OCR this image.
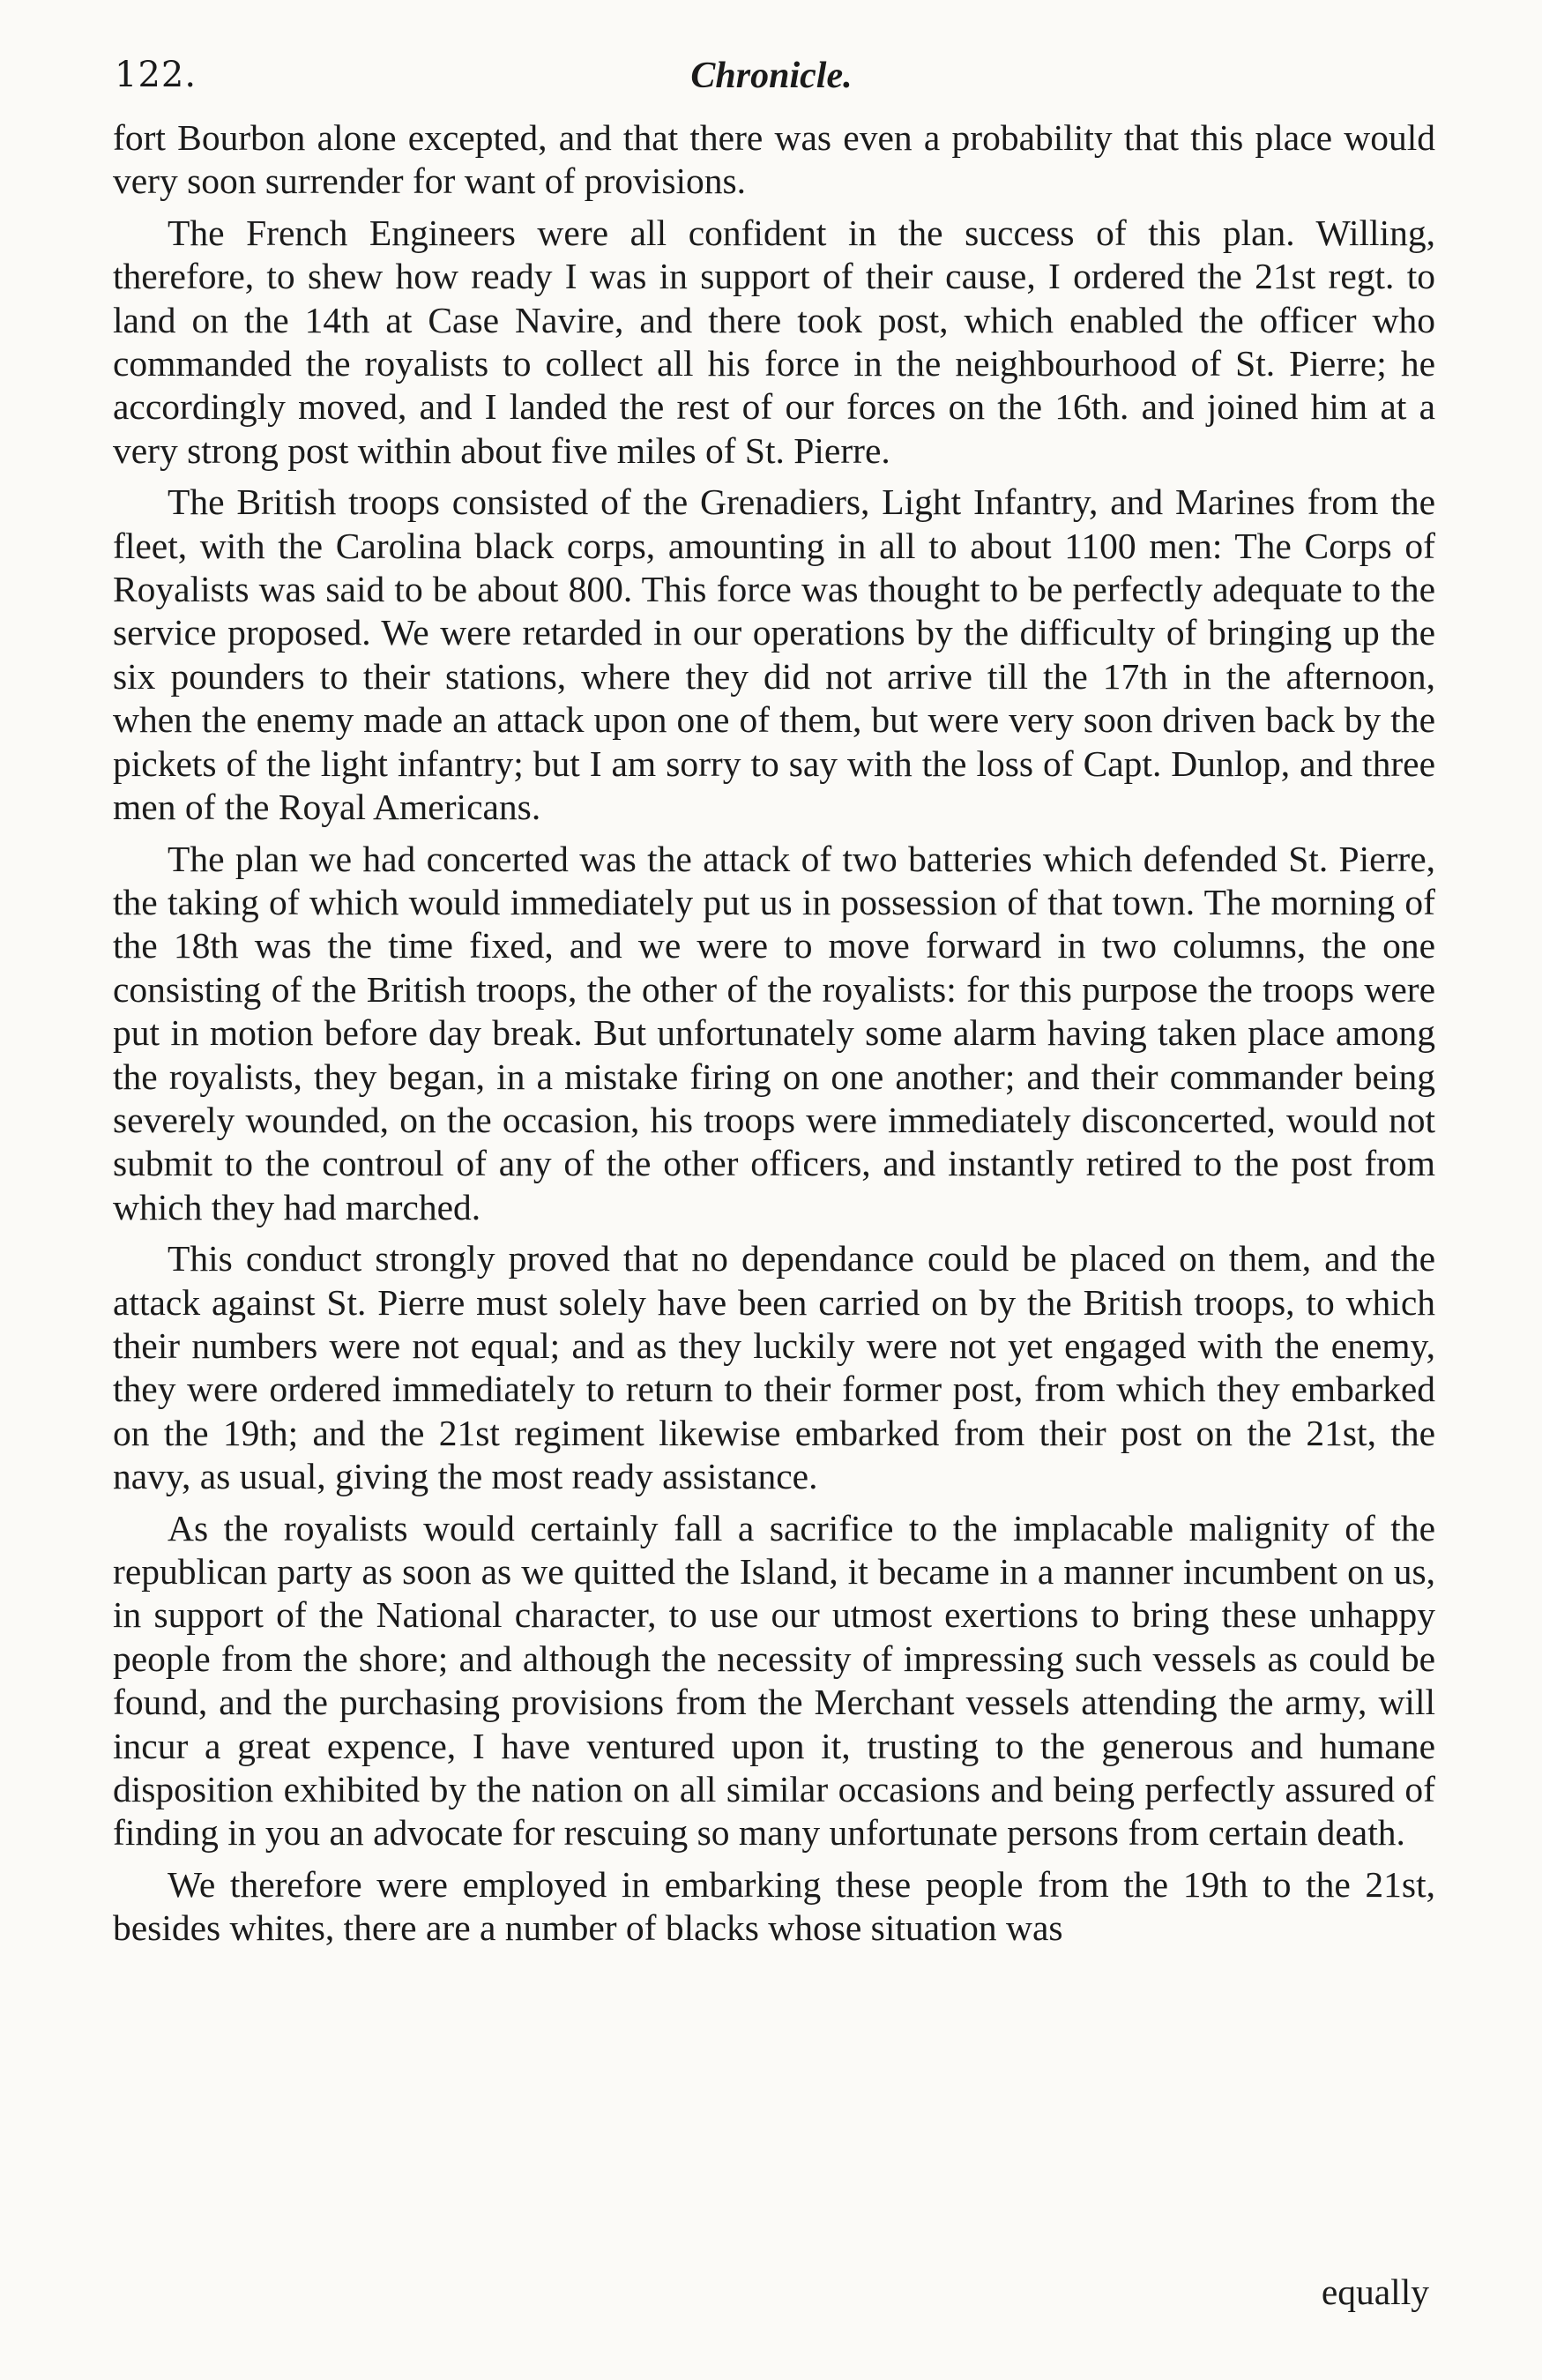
122.	Chronicle.

fort Bourbon alone excepted, and that there was even a probability that this place would very soon surrender for want of provisions.

The French Engineers were all confident in the success of this plan. Willing, therefore, to shew how ready I was in support of their cause, I ordered the 21st regt. to land on the 14th at Case Navire, and there took post, which enabled the officer who commanded the royalists to collect all his force in the neighbourhood of St. Pierre; he accordingly moved, and I landed the rest of our forces on the 16th. and joined him at a very strong post within about five miles of St. Pierre.

The British troops consisted of the Grenadiers, Light Infantry, and Marines from the fleet, with the Carolina black corps, amounting in all to about 1100 men: The Corps of Royalists was said to be about 800. This force was thought to be perfectly adequate to the service proposed. We were retarded in our operations by the difficulty of bringing up the six pounders to their stations, where they did not arrive till the 17th in the afternoon, when the enemy made an attack upon one of them, but were very soon driven back by the pickets of the light infantry; but I am sorry to say with the loss of Capt. Dunlop, and three men of the Royal Americans.

The plan we had concerted was the attack of two batteries which defended St. Pierre, the taking of which would immediately put us in possession of that town. The morning of the 18th was the time fixed, and we were to move forward in two columns, the one consisting of the British troops, the other of the royalists: for this purpose the troops were put in motion before day break. But unfortunately some alarm having taken place among the royalists, they began, in a mistake firing on one another; and their commander being severely wounded, on the occasion, his troops were immediately disconcerted, would not submit to the controul of any of the other officers, and instantly retired to the post from which they had marched.

This conduct strongly proved that no dependance could be placed on them, and the attack against St. Pierre must solely have been carried on by the British troops, to which their numbers were not equal; and as they luckily were not yet engaged with the enemy, they were ordered immediately to return to their former post, from which they embarked on the 19th; and the 21st regiment likewise embarked from their post on the 21st, the navy, as usual, giving the most ready assistance.

As the royalists would certainly fall a sacrifice to the implacable malignity of the republican party as soon as we quitted the Island, it became in a manner incumbent on us, in support of the National character, to use our utmost exertions to bring these unhappy people from the shore; and although the necessity of impressing such vessels as could be found, and the purchasing provisions from the Merchant vessels attending the army, will incur a great expence, I have ventured upon it, trusting to the generous and humane disposition exhibited by the nation on all similar occasions and being perfectly assured of finding in you an advocate for rescuing so many unfortunate persons from certain death.

We therefore were employed in embarking these people from the 19th to the 21st, besides whites, there are a number of blacks whose situation was

equally
